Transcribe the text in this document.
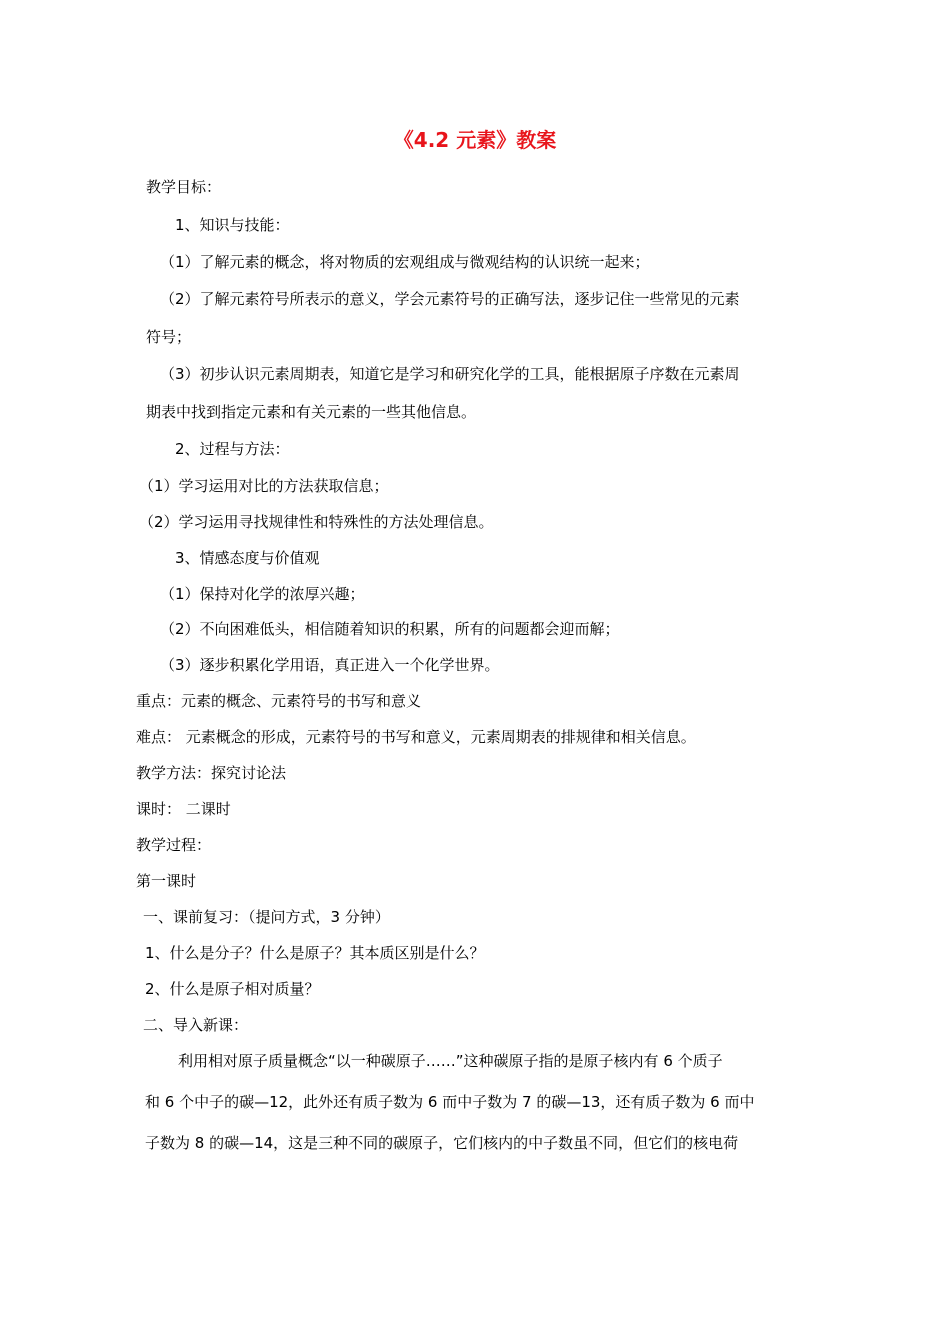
《4.2 元素》教案
教学目标：
1、知识与技能：
（1）了解元素的概念，将对物质的宏观组成与微观结构的认识统一起来；
（2）了解元素符号所表示的意义，学会元素符号的正确写法，逐步记住一些常见的元素
符号；
（3）初步认识元素周期表，知道它是学习和研究化学的工具，能根据原子序数在元素周
期表中找到指定元素和有关元素的一些其他信息。
2、过程与方法：
（1）学习运用对比的方法获取信息；
（2）学习运用寻找规律性和特殊性的方法处理信息。
3、情感态度与价值观
（1）保持对化学的浓厚兴趣；
（2）不向困难低头，相信随着知识的积累，所有的问题都会迎而解；
（3）逐步积累化学用语，真正进入一个化学世界。
重点：元素的概念、元素符号的书写和意义
难点： 元素概念的形成，元素符号的书写和意义，元素周期表的排规律和相关信息。
教学方法：探究讨论法
课时： 二课时
教学过程：
第一课时
一、课前复习：（提问方式，3 分钟）
1、什么是分子？什么是原子？其本质区别是什么？
2、什么是原子相对质量？
二、导入新课：
利用相对原子质量概念“以一种碳原子……”这种碳原子指的是原子核内有 6 个质子
和 6 个中子的碳—12，此外还有质子数为 6 而中子数为 7 的碳—13，还有质子数为 6 而中
子数为 8 的碳—14，这是三种不同的碳原子，它们核内的中子数虽不同，但它们的核电荷
